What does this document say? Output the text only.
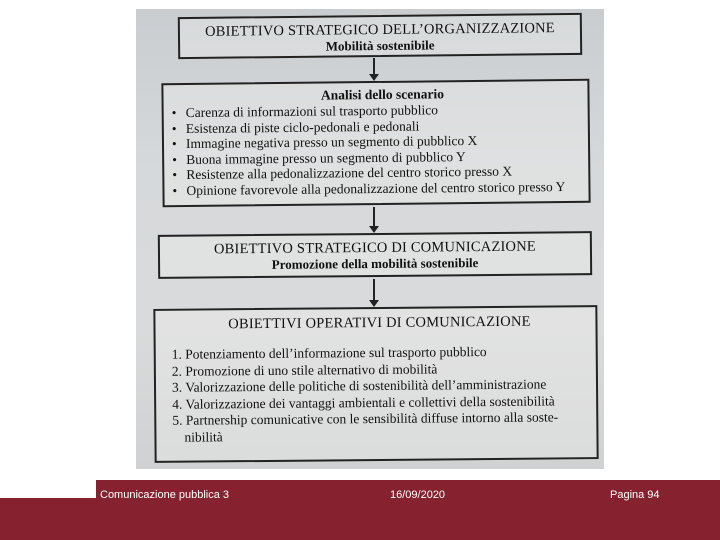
OBIETTIVO STRATEGICO DELL’ORGANIZZAZIONE
Mobilità sostenibile
Analisi dello scenario
• Carenza di informazioni sul trasporto pubblico
• Esistenza di piste ciclo-pedonali e pedonali
• Immagine negativa presso un segmento di pubblico X
• Buona immagine presso un segmento di pubblico Y
• Resistenze alla pedonalizzazione del centro storico presso X
• Opinione favorevole alla pedonalizzazione del centro storico presso Y
OBIETTIVO STRATEGICO DI COMUNICAZIONE
Promozione della mobilità sostenibile
OBIETTIVI OPERATIVI DI COMUNICAZIONE
1. Potenziamento dell’informazione sul trasporto pubblico
2. Promozione di uno stile alternativo di mobilità
3. Valorizzazione delle politiche di sostenibilità dell’amministrazione
4. Valorizzazione dei vantaggi ambientali e collettivi della sostenibilità
5. Partnership comunicative con le sensibilità diffuse intorno alla soste-
nibilità
Comunicazione pubblica 3	16/09/2020	Pagina 94
